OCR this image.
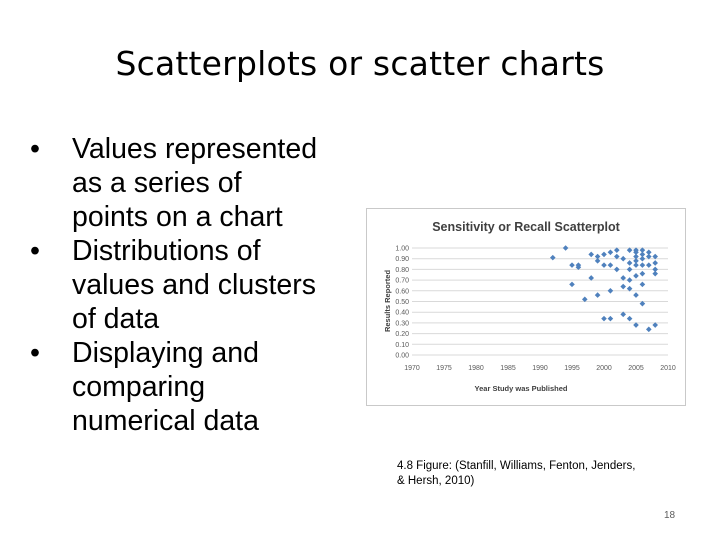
Scatterplots or scatter charts
• Values represented
as a series of
points on a chart
• Distributions of
values and clusters
of data
• Displaying and
comparing
numerical data
0.00
0.10
0.20
0.30
0.40
0.50
0.60
0.70
0.80
0.90
1.00
1970 1975 1980 1985 1990 1995 2000 2005 2010
Sensitivity or Recall Scatterplot
Year Study was Published
Results Reported
4.8 Figure: (Stanfill, Williams, Fenton, Jenders,
& Hersh, 2010)
18
